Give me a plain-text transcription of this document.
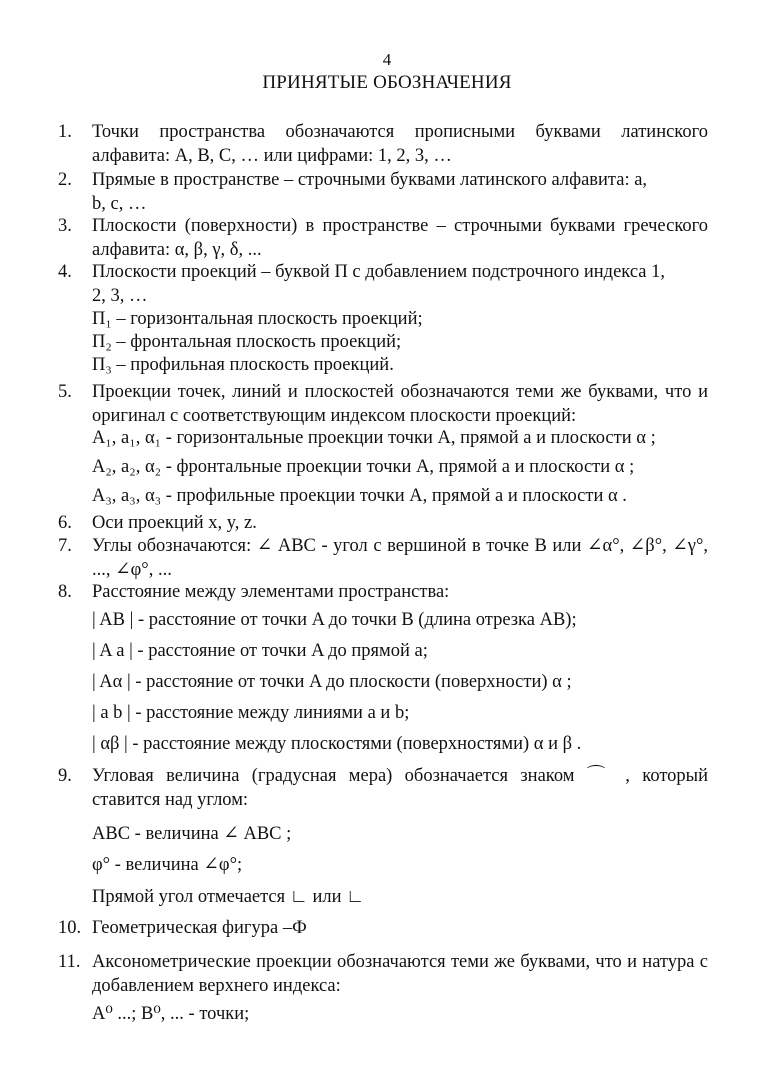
4
ПРИНЯТЫЕ ОБОЗНАЧЕНИЯ
1.	Точки пространства обозначаются прописными буквами латинского алфавита: A, B, C, … или цифрами: 1, 2, 3, …
2.	Прямые в пространстве – строчными буквами латинского алфавита: a, b, c, …
3.	Плоскости (поверхности) в пространстве – строчными буквами греческого алфавита: α, β, γ, δ, ...
4.	Плоскости проекций – буквой П с добавлением подстрочного индекса 1, 2, 3, …
П₁ – горизонтальная плоскость проекций;
П₂ – фронтальная плоскость проекций;
П₃ – профильная плоскость проекций.
5.	Проекции точек, линий и плоскостей обозначаются теми же буквами, что и оригинал с соответствующим индексом плоскости проекций:
A₁, a₁, α₁ - горизонтальные проекции точки A, прямой a и плоскости α ;
A₂, a₂, α₂ - фронтальные проекции точки A, прямой a и плоскости α ;
A₃, a₃, α₃ - профильные проекции точки A, прямой a и плоскости α .
6.	Оси проекций x, y, z.
7.	Углы обозначаются: ∠ ABC - угол с вершиной в точке B или ∠α°, ∠β°, ∠γ°, ..., ∠φ°, ...
8.	Расстояние между элементами пространства:
| AB | - расстояние от точки A до точки B (длина отрезка AB);
| A a | - расстояние от точки A до прямой a;
| Aα | - расстояние от точки A до плоскости (поверхности) α ;
| a b | - расстояние между линиями a и b;
| αβ | - расстояние между плоскостями (поверхностями) α и β .
9.	Угловая величина (градусная мера) обозначается знаком ⌒ , который ставится над углом:
ABC - величина ∠ ABC ;
φ° - величина ∠φ°;
Прямой угол отмечается ∟ или ∟
10. Геометрическая фигура –Ф
11. Аксонометрические проекции обозначаются теми же буквами, что и натура с добавлением верхнего индекса:
A⁰ ...; B⁰, ... - точки;
